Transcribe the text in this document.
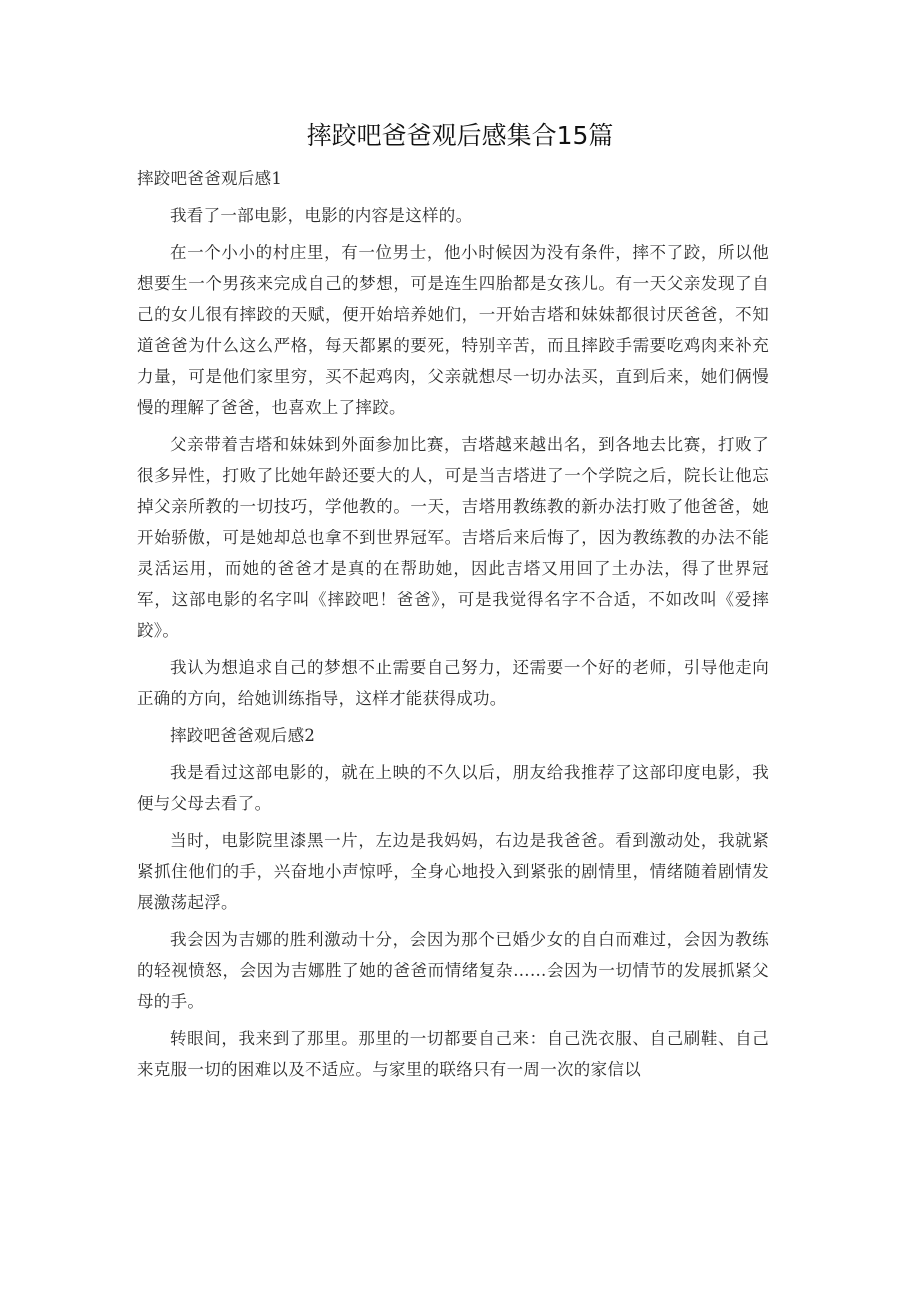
摔跤吧爸爸观后感集合15篇

摔跤吧爸爸观后感1

我看了一部电影，电影的内容是这样的。

在一个小小的村庄里，有一位男士，他小时候因为没有条件，摔不了跤，所以他想要生一个男孩来完成自己的梦想，可是连生四胎都是女孩儿。有一天父亲发现了自己的女儿很有摔跤的天赋，便开始培养她们，一开始吉塔和妹妹都很讨厌爸爸，不知道爸爸为什么这么严格，每天都累的要死，特别辛苦，而且摔跤手需要吃鸡肉来补充力量，可是他们家里穷，买不起鸡肉，父亲就想尽一切办法买，直到后来，她们俩慢慢的理解了爸爸，也喜欢上了摔跤。

父亲带着吉塔和妹妹到外面参加比赛，吉塔越来越出名，到各地去比赛，打败了很多异性，打败了比她年龄还要大的人，可是当吉塔进了一个学院之后，院长让他忘掉父亲所教的一切技巧，学他教的。一天，吉塔用教练教的新办法打败了他爸爸，她开始骄傲，可是她却总也拿不到世界冠军。吉塔后来后悔了，因为教练教的办法不能灵活运用，而她的爸爸才是真的在帮助她，因此吉塔又用回了土办法，得了世界冠军，这部电影的名字叫《摔跤吧！爸爸》，可是我觉得名字不合适，不如改叫《爱摔跤》。

我认为想追求自己的梦想不止需要自己努力，还需要一个好的老师，引导他走向正确的方向，给她训练指导，这样才能获得成功。

摔跤吧爸爸观后感2

我是看过这部电影的，就在上映的不久以后，朋友给我推荐了这部印度电影，我便与父母去看了。

当时，电影院里漆黑一片，左边是我妈妈，右边是我爸爸。看到激动处，我就紧紧抓住他们的手，兴奋地小声惊呼，全身心地投入到紧张的剧情里，情绪随着剧情发展激荡起浮。

我会因为吉娜的胜利激动十分，会因为那个已婚少女的自白而难过，会因为教练的轻视愤怒，会因为吉娜胜了她的爸爸而情绪复杂……会因为一切情节的发展抓紧父母的手。

转眼间，我来到了那里。那里的一切都要自己来：自己洗衣服、自己刷鞋、自己来克服一切的困难以及不适应。与家里的联络只有一周一次的家信以
